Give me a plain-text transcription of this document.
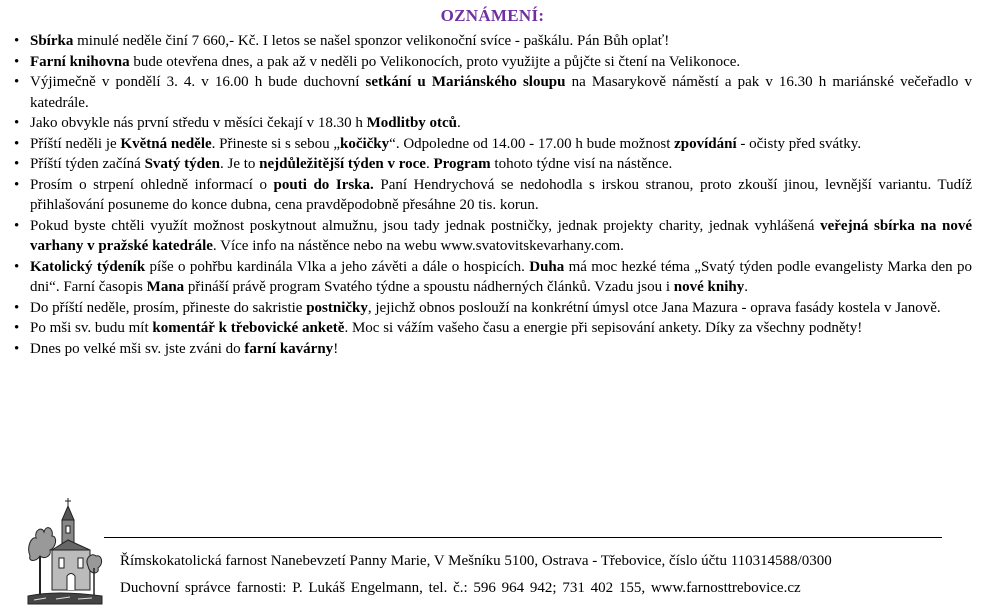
OZNÁMENÍ:
• Sbírka minulé neděle činí 7 660,- Kč. I letos se našel sponzor velikonoční svíce - paškálu. Pán Bůh oplať!
• Farní knihovna bude otevřena dnes, a pak až v neděli po Velikonocích, proto využijte a půjčte si čtení na Velikonoce.
• Výjimečně v pondělí 3. 4. v 16.00 h bude duchovní setkání u Mariánského sloupu na Masarykově náměstí a pak v 16.30 h mariánské večeřadlo v katedrále.
• Jako obvykle nás první středu v měsíci čekají v 18.30 h Modlitby otců.
• Příští neděli je Květná neděle. Přineste si s sebou „kočičky“. Odpoledne od 14.00 - 17.00 h bude možnost zpovídání - očisty před svátky.
• Příští týden začíná Svatý týden. Je to nejdůležitější týden v roce. Program tohoto týdne visí na nástěnce.
• Prosím o strpení ohledně informací o pouti do Irska. Paní Hendrychová se nedohodla s irskou stranou, proto zkouší jinou, levnější variantu. Tudíž přihlašování posuneme do konce dubna, cena pravděpodobně přesáhne 20 tis. korun.
• Pokud byste chtěli využít možnost poskytnout almužnu, jsou tady jednak postničky, jednak projekty charity, jednak vyhlášená veřejná sbírka na nové varhany v pražské katedrále. Více info na nástěnce nebo na webu www.svatovitskevarhany.com.
• Katolický týdeník píše o pohřbu kardinála Vlka a jeho závěti a dále o hospicích. Duha má moc hezké téma „Svatý týden podle evangelisty Marka den po dni“. Farní časopis Mana přináší právě program Svatého týdne a spoustu nádherných článků. Vzadu jsou i nové knihy.
• Do příští neděle, prosím, přineste do sakristie postničky, jejichž obnos poslouží na konkrétní úmysl otce Jana Mazura - oprava fasády kostela v Janově.
• Po mši sv. budu mít komentář k třebovické anketě. Moc si vážím vašeho času a energie při sepisování ankety. Díky za všechny podněty!
• Dnes po velké mši sv. jste zváni do farní kavárny!
Římskokatolická farnost Nanebevzetí Panny Marie, V Mešníku 5100, Ostrava - Třebovice, číslo účtu 110314588/0300
Duchovní správce farnosti: P. Lukáš Engelmann, tel. č.: 596 964 942; 731 402 155, www.farnosttrebovice.cz
